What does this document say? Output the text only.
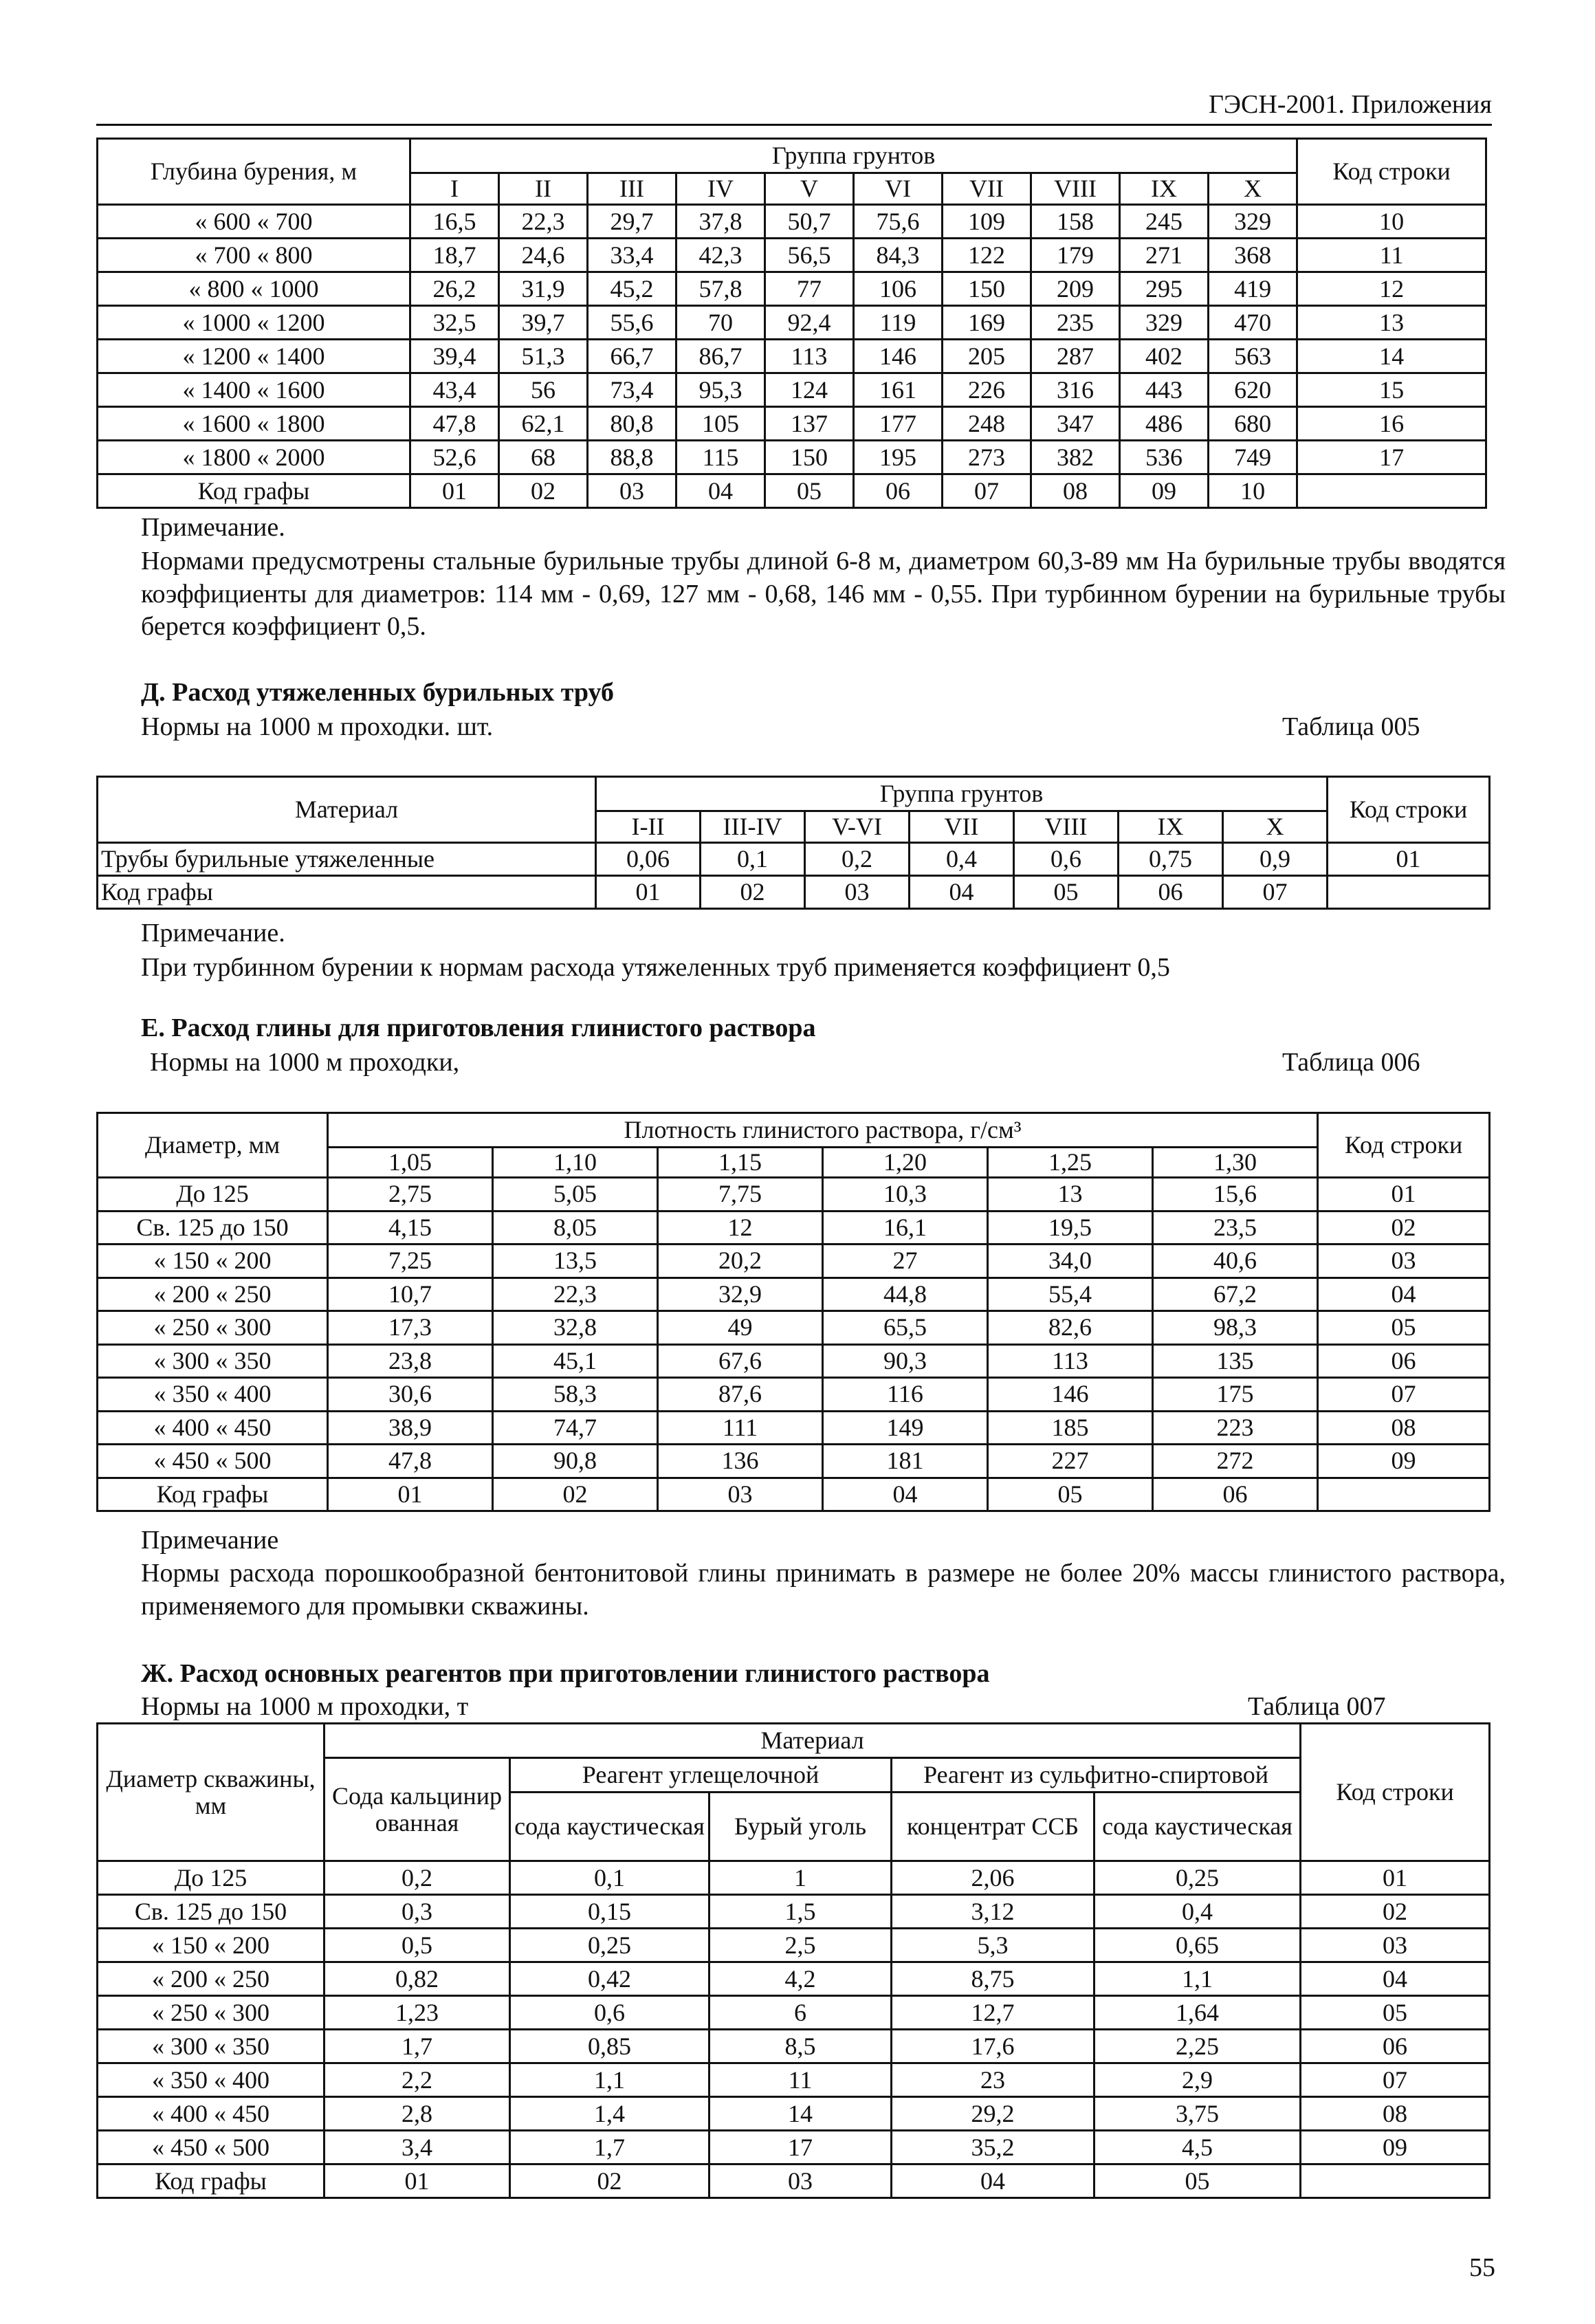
ГЭСН-2001. Приложения
Глубина бурения, м	Группа грунтов										Код строки
	I	II	III	IV	V	VI	VII	VIII	IX	X	
« 600 « 700	16,5	22,3	29,7	37,8	50,7	75,6	109	158	245	329	10
« 700 « 800	18,7	24,6	33,4	42,3	56,5	84,3	122	179	271	368	11
« 800 « 1000	26,2	31,9	45,2	57,8	77	106	150	209	295	419	12
« 1000 « 1200	32,5	39,7	55,6	70	92,4	119	169	235	329	470	13
« 1200 « 1400	39,4	51,3	66,7	86,7	113	146	205	287	402	563	14
« 1400 « 1600	43,4	56	73,4	95,3	124	161	226	316	443	620	15
« 1600 « 1800	47,8	62,1	80,8	105	137	177	248	347	486	680	16
« 1800 « 2000	52,6	68	88,8	115	150	195	273	382	536	749	17
Код графы	01	02	03	04	05	06	07	08	09	10	
Примечание.
Нормами предусмотрены стальные бурильные трубы длиной 6-8 м, диаметром 60,3-89 мм На бурильные трубы вводятся коэффициенты для диаметров: 114 мм - 0,69, 127 мм - 0,68, 146 мм - 0,55. При турбинном бурении на бурильные трубы берется коэффициент 0,5.
Д. Расход утяжеленных бурильных труб
Нормы на 1000 м проходки. шт.	Таблица 005
Материал	Группа грунтов							Код строки
	I-II	III-IV	V-VI	VII	VIII	IX	X	
Трубы бурильные утяжеленные	0,06	0,1	0,2	0,4	0,6	0,75	0,9	01
Код графы	01	02	03	04	05	06	07	
Примечание.
При турбинном бурении к нормам расхода утяжеленных труб применяется коэффициент 0,5
Е. Расход глины для приготовления глинистого раствора
Нормы на 1000 м проходки,	Таблица 006
Диаметр, мм	Плотность глинистого раствора, г/см³						Код строки
	1,05	1,10	1,15	1,20	1,25	1,30	
До 125	2,75	5,05	7,75	10,3	13	15,6	01
Св. 125 до 150	4,15	8,05	12	16,1	19,5	23,5	02
« 150 « 200	7,25	13,5	20,2	27	34,0	40,6	03
« 200 « 250	10,7	22,3	32,9	44,8	55,4	67,2	04
« 250 « 300	17,3	32,8	49	65,5	82,6	98,3	05
« 300 « 350	23,8	45,1	67,6	90,3	113	135	06
« 350 « 400	30,6	58,3	87,6	116	146	175	07
« 400 « 450	38,9	74,7	111	149	185	223	08
« 450 « 500	47,8	90,8	136	181	227	272	09
Код графы	01	02	03	04	05	06	
Примечание
Нормы расхода порошкообразной бентонитовой глины принимать в размере не более 20% массы глинистого раствора, применяемого для промывки скважины.
Ж. Расход основных реагентов при приготовлении глинистого раствора
Нормы на 1000 м проходки, т	Таблица 007
Диаметр скважины, мм	Материал					Код строки
	Сода кальцинированная	Реагент углещелочной		Реагент из сульфитно-спиртовой		
		сода каустическая	Бурый уголь	концентрат ССБ	сода каустическая	
До 125	0,2	0,1	1	2,06	0,25	01
Св. 125 до 150	0,3	0,15	1,5	3,12	0,4	02
« 150 « 200	0,5	0,25	2,5	5,3	0,65	03
« 200 « 250	0,82	0,42	4,2	8,75	1,1	04
« 250 « 300	1,23	0,6	6	12,7	1,64	05
« 300 « 350	1,7	0,85	8,5	17,6	2,25	06
« 350 « 400	2,2	1,1	11	23	2,9	07
« 400 « 450	2,8	1,4	14	29,2	3,75	08
« 450 « 500	3,4	1,7	17	35,2	4,5	09
Код графы	01	02	03	04	05	
55
